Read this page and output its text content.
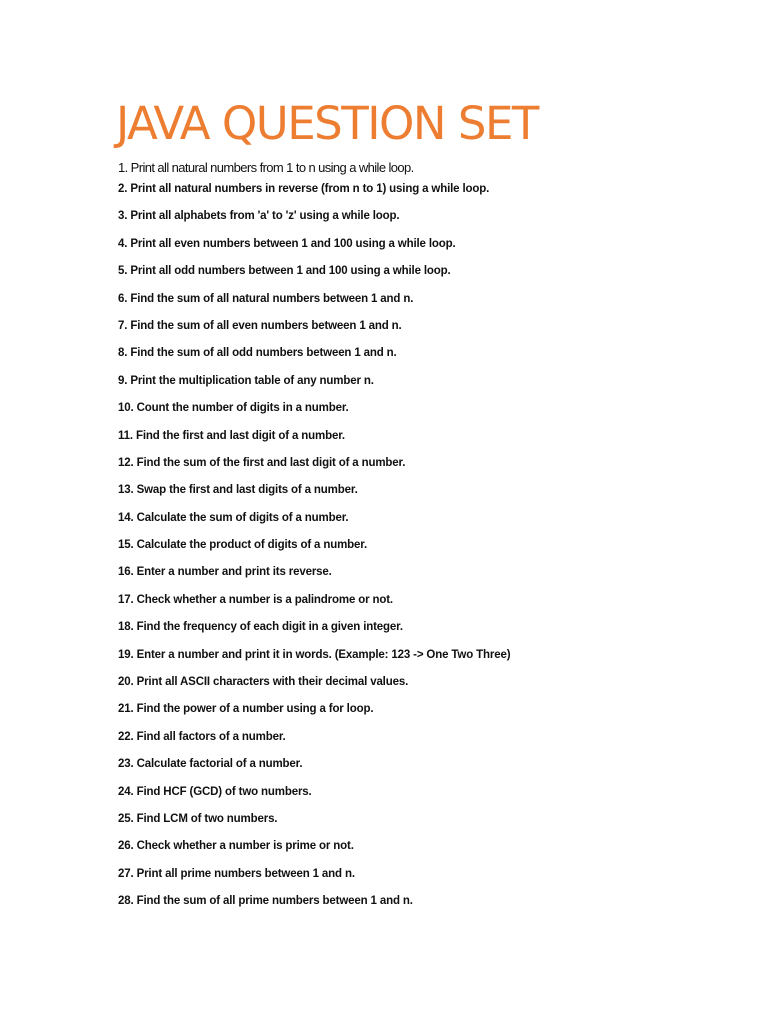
JAVA QUESTION SET
1. Print all natural numbers from 1 to n using a while loop.
2. Print all natural numbers in reverse (from n to 1) using a while loop.
3. Print all alphabets from 'a' to 'z' using a while loop.
4. Print all even numbers between 1 and 100 using a while loop.
5. Print all odd numbers between 1 and 100 using a while loop.
6. Find the sum of all natural numbers between 1 and n.
7. Find the sum of all even numbers between 1 and n.
8. Find the sum of all odd numbers between 1 and n.
9. Print the multiplication table of any number n.
10. Count the number of digits in a number.
11. Find the first and last digit of a number.
12. Find the sum of the first and last digit of a number.
13. Swap the first and last digits of a number.
14. Calculate the sum of digits of a number.
15. Calculate the product of digits of a number.
16. Enter a number and print its reverse.
17. Check whether a number is a palindrome or not.
18. Find the frequency of each digit in a given integer.
19. Enter a number and print it in words. (Example: 123 -> One Two Three)
20. Print all ASCII characters with their decimal values.
21. Find the power of a number using a for loop.
22. Find all factors of a number.
23. Calculate factorial of a number.
24. Find HCF (GCD) of two numbers.
25. Find LCM of two numbers.
26. Check whether a number is prime or not.
27. Print all prime numbers between 1 and n.
28. Find the sum of all prime numbers between 1 and n.
